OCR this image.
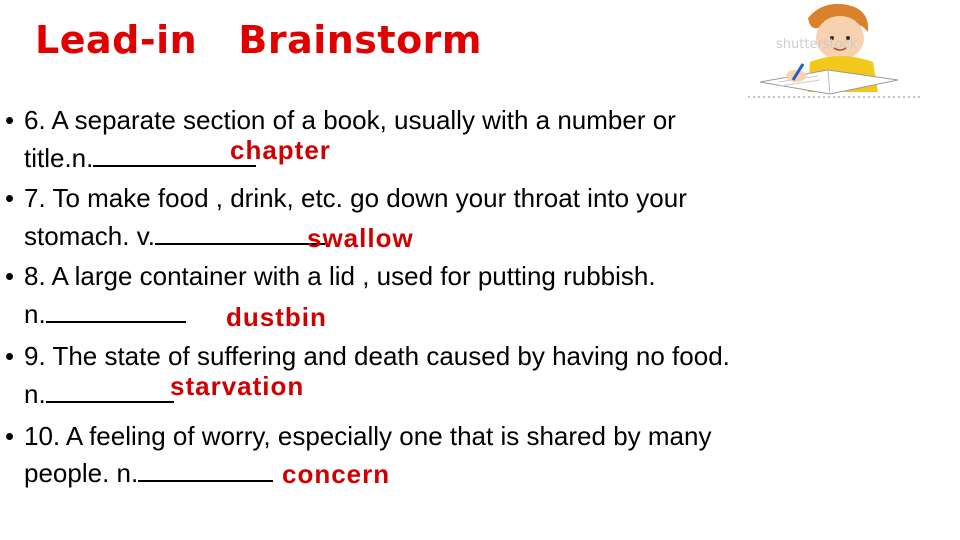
Lead-in   Brainstorm	shutterstock
• 6. A separate section of a book, usually with a number or
title.n.	chapter
• 7. To make food , drink, etc. go down your throat into your
stomach. v.	swallow
• 8. A large container with a lid , used for putting rubbish.
n.	dustbin
• 9. The state of suffering and death caused by having no food.
n.	starvation
• 10. A feeling of worry, especially one that is shared by many
people. n.	concern
